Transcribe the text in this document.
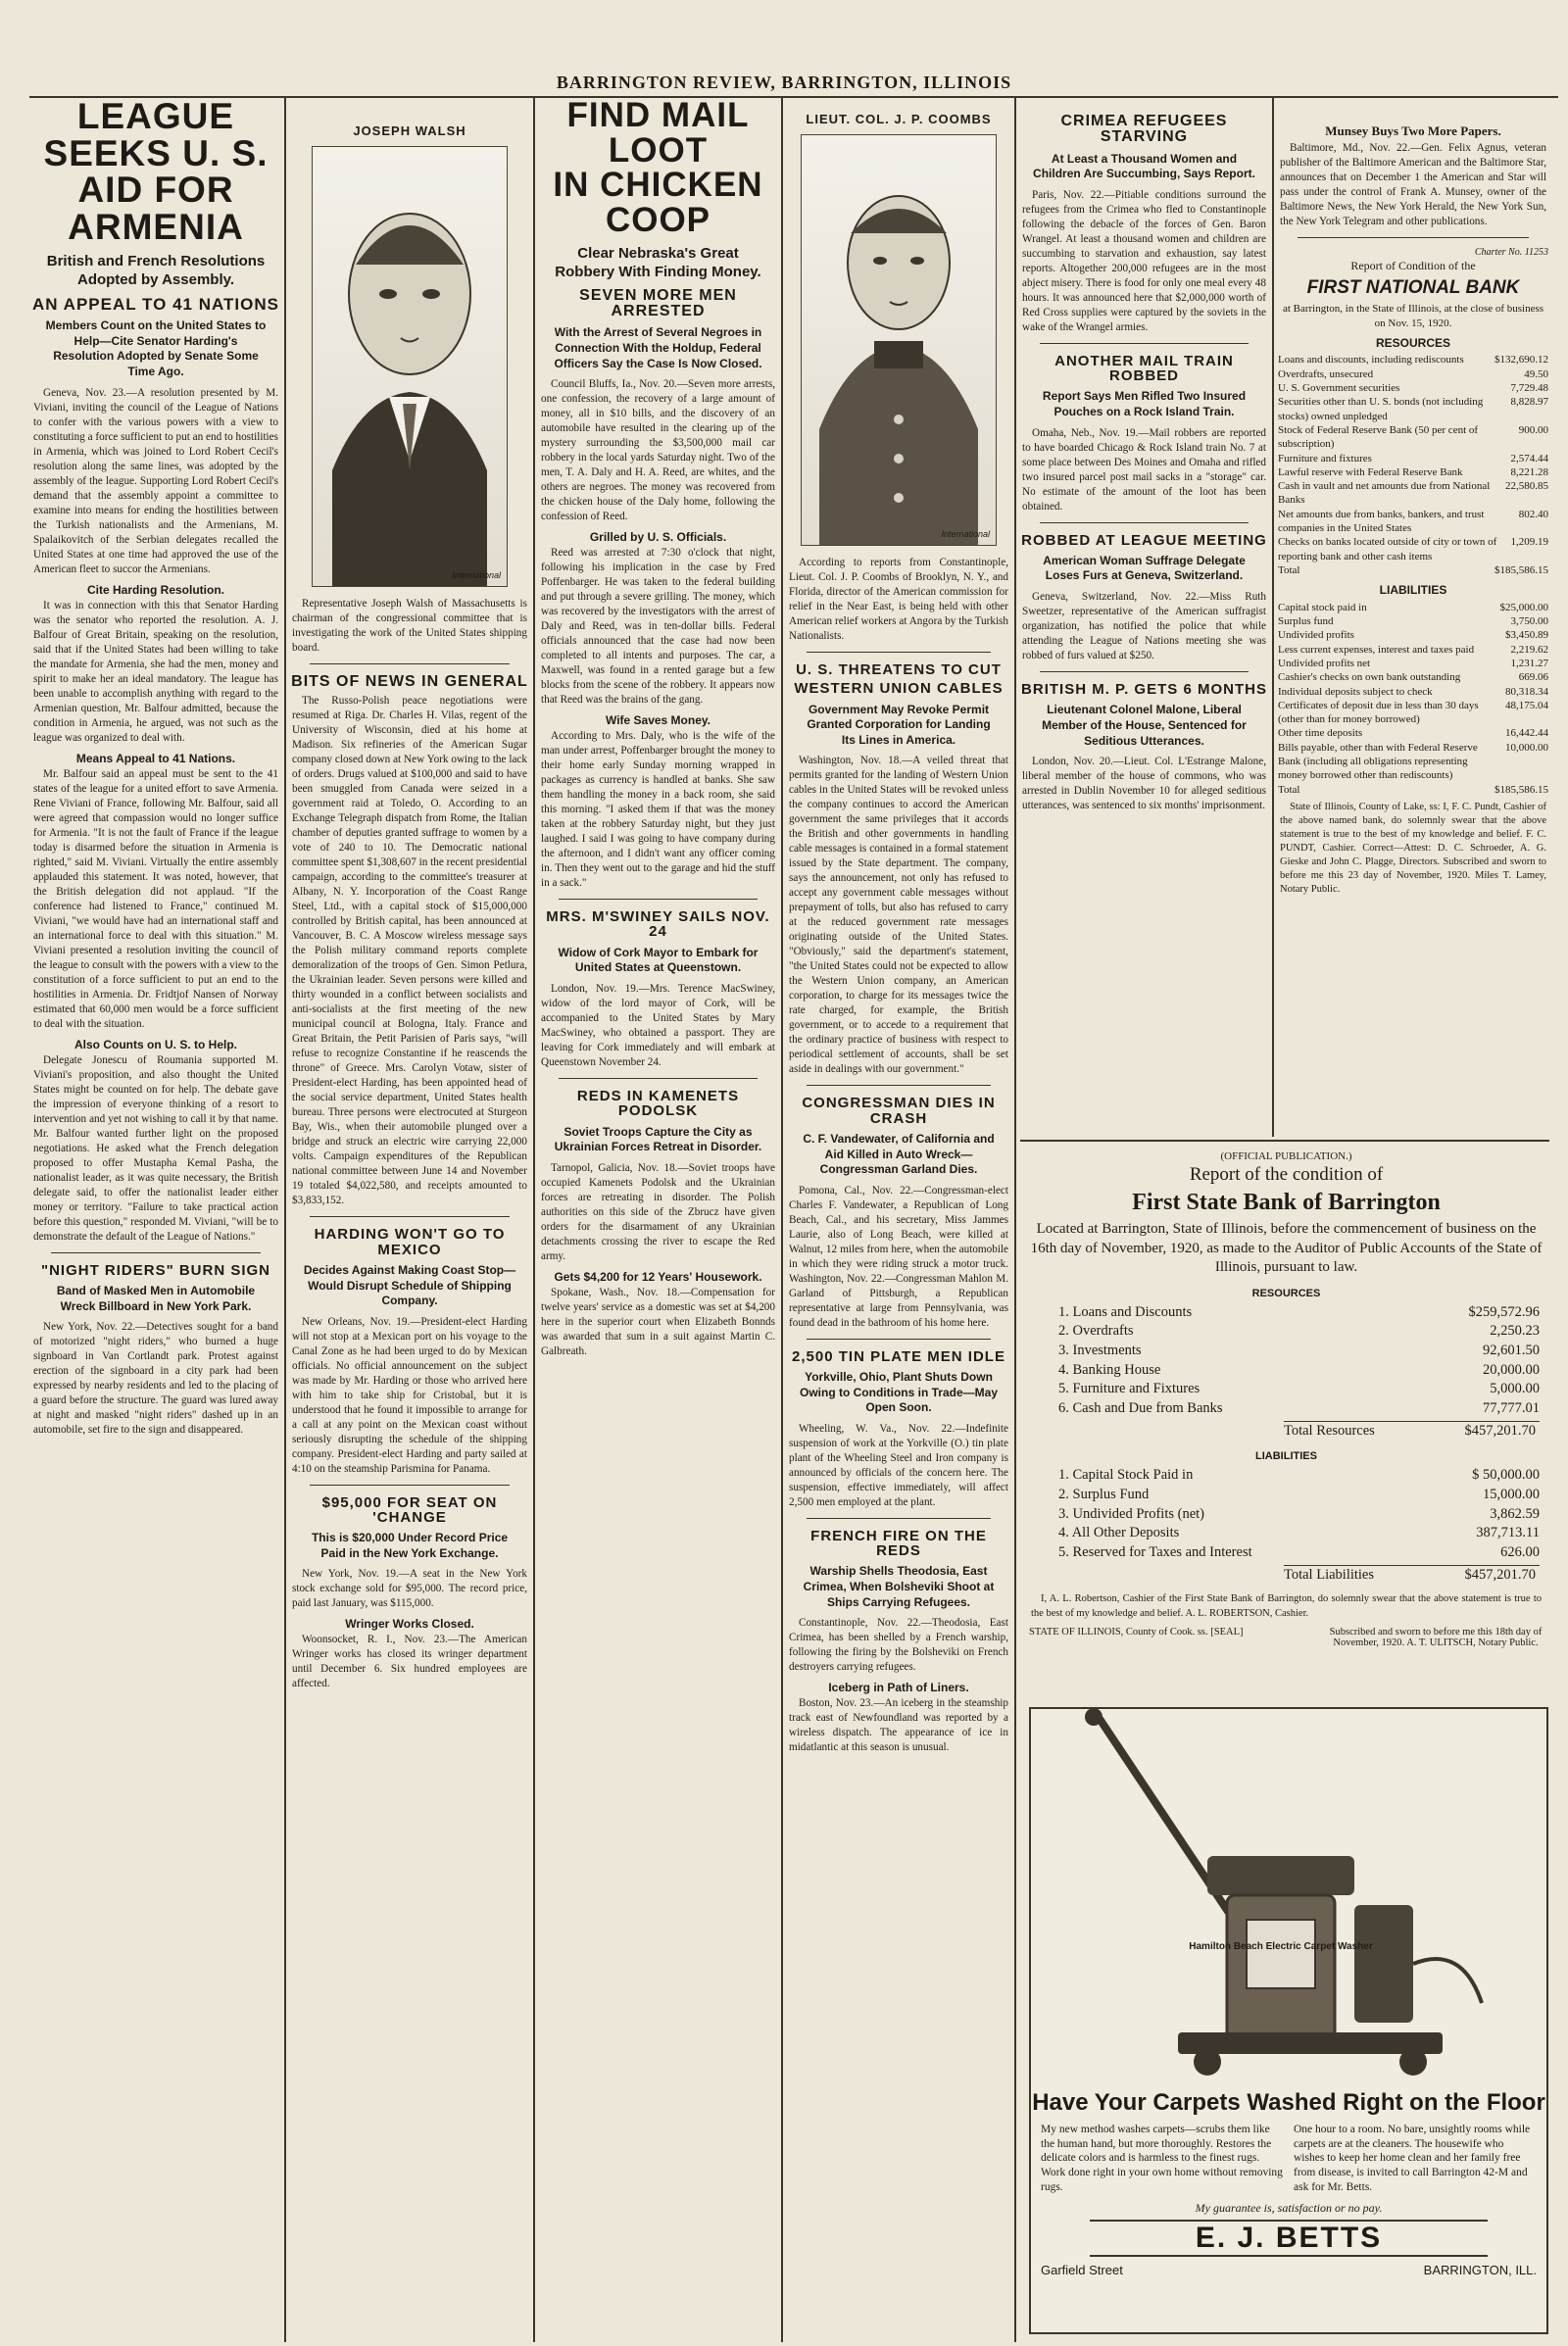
BARRINGTON REVIEW, BARRINGTON, ILLINOIS
LEAGUE SEEKS U. S.
AID FOR ARMENIA
British and French Resolutions Adopted by Assembly.
AN APPEAL TO 41 NATIONS
Members Count on the United States to Help—Cite Senator Harding's Resolution Adopted by Senate Some Time Ago.
Geneva, Nov. 23.—A resolution presented by M. Viviani, inviting the council of the League of Nations to confer with the various powers with a view to constituting a force sufficient to put an end to hostilities in Armenia, which was joined to Lord Robert Cecil's resolution along the same lines, was adopted by the assembly of the league. Supporting Lord Robert Cecil's demand that the assembly appoint a committee to examine into means for ending the hostilities between the Turkish nationalists and the Armenians, M. Spalaikovitch of the Serbian delegates recalled the United States at one time had approved the use of the American fleet to succor the Armenians.
Cite Harding Resolution.
It was in connection with this that Senator Harding was the senator who reported the resolution. A. J. Balfour of Great Britain, speaking on the resolution, said that if the United States had been willing to take the mandate for Armenia, she had the men, money and spirit to make her an ideal mandatory. The league has been unable to accomplish anything with regard to the Armenian question, Mr. Balfour admitted, because the condition in Armenia, he argued, was not such as the league was organized to deal with.
Means Appeal to 41 Nations.
Mr. Balfour said an appeal must be sent to the 41 states of the league for a united effort to save Armenia. Rene Viviani of France, following Mr. Balfour, said all were agreed that compassion would no longer suffice for Armenia. "It is not the fault of France if the league today is disarmed before the situation in Armenia is righted," said M. Viviani. Virtually the entire assembly applauded this statement. It was noted, however, that the British delegation did not applaud. "If the conference had listened to France," continued M. Viviani, "we would have had an international staff and an international force to deal with this situation." M. Viviani presented a resolution inviting the council of the league to consult with the powers with a view to the constitution of a force sufficient to put an end to the hostilities in Armenia. Dr. Fridtjof Nansen of Norway estimated that 60,000 men would be a force sufficient to deal with the situation.
Also Counts on U. S. to Help.
Delegate Jonescu of Roumania supported M. Viviani's proposition, and also thought the United States might be counted on for help. The debate gave the impression of everyone thinking of a resort to intervention and yet not wishing to call it by that name. Mr. Balfour wanted further light on the proposed negotiations. He asked what the French delegation proposed to offer Mustapha Kemal Pasha, the nationalist leader, as it was quite necessary, the British delegate said, to offer the nationalist leader either money or territory. "Failure to take practical action before this question," responded M. Viviani, "will be to demonstrate the default of the League of Nations."
"NIGHT RIDERS" BURN SIGN
Band of Masked Men in Automobile Wreck Billboard in New York Park.
New York, Nov. 22.—Detectives sought for a band of motorized "night riders," who burned a huge signboard in Van Cortlandt park. Protest against erection of the signboard in a city park had been expressed by nearby residents and led to the placing of a guard before the structure. The guard was lured away at night and masked "night riders" dashed up in an automobile, set fire to the sign and disappeared.
JOSEPH WALSH
International
Representative Joseph Walsh of Massachusetts is chairman of the congressional committee that is investigating the work of the United States shipping board.
BITS OF NEWS IN GENERAL
The Russo-Polish peace negotiations were resumed at Riga. Dr. Charles H. Vilas, regent of the University of Wisconsin, died at his home at Madison. Six refineries of the American Sugar company closed down at New York owing to the lack of orders. Drugs valued at $100,000 and said to have been smuggled from Canada were seized in a government raid at Toledo, O. According to an Exchange Telegraph dispatch from Rome, the Italian chamber of deputies granted suffrage to women by a vote of 240 to 10. The Democratic national committee spent $1,308,607 in the recent presidential campaign, according to the committee's treasurer at Albany, N. Y. Incorporation of the Coast Range Steel, Ltd., with a capital stock of $15,000,000 controlled by British capital, has been announced at Vancouver, B. C. A Moscow wireless message says the Polish military command reports complete demoralization of the troops of Gen. Simon Petlura, the Ukrainian leader. Seven persons were killed and thirty wounded in a conflict between socialists and anti-socialists at the first meeting of the new municipal council at Bologna, Italy. France and Great Britain, the Petit Parisien of Paris says, "will refuse to recognize Constantine if he reascends the throne" of Greece. Mrs. Carolyn Votaw, sister of President-elect Harding, has been appointed head of the social service department, United States health bureau. Three persons were electrocuted at Sturgeon Bay, Wis., when their automobile plunged over a bridge and struck an electric wire carrying 22,000 volts. Campaign expenditures of the Republican national committee between June 14 and November 19 totaled $4,022,580, and receipts amounted to $3,833,152.
HARDING WON'T GO TO MEXICO
Decides Against Making Coast Stop—Would Disrupt Schedule of Shipping Company.
New Orleans, Nov. 19.—President-elect Harding will not stop at a Mexican port on his voyage to the Canal Zone as he had been urged to do by Mexican officials. No official announcement on the subject was made by Mr. Harding or those who arrived here with him to take ship for Cristobal, but it is understood that he found it impossible to arrange for a call at any point on the Mexican coast without seriously disrupting the schedule of the shipping company. President-elect Harding and party sailed at 4:10 on the steamship Parismina for Panama.
$95,000 FOR SEAT ON 'CHANGE
This is $20,000 Under Record Price Paid in the New York Exchange.
New York, Nov. 19.—A seat in the New York stock exchange sold for $95,000. The record price, paid last January, was $115,000.
Wringer Works Closed.
Woonsocket, R. I., Nov. 23.—The American Wringer works has closed its wringer department until December 6. Six hundred employees are affected.
FIND MAIL LOOT
IN CHICKEN COOP
Clear Nebraska's Great Robbery With Finding Money.
SEVEN MORE MEN ARRESTED
With the Arrest of Several Negroes in Connection With the Holdup, Federal Officers Say the Case Is Now Closed.
Council Bluffs, Ia., Nov. 20.—Seven more arrests, one confession, the recovery of a large amount of money, all in $10 bills, and the discovery of an automobile have resulted in the clearing up of the mystery surrounding the $3,500,000 mail car robbery in the local yards Saturday night. Two of the men, T. A. Daly and H. A. Reed, are whites, and the others are negroes. The money was recovered from the chicken house of the Daly home, following the confession of Reed.
Grilled by U. S. Officials.
Reed was arrested at 7:30 o'clock that night, following his implication in the case by Fred Poffenbarger. He was taken to the federal building and put through a severe grilling. The money, which was recovered by the investigators with the arrest of Daly and Reed, was in ten-dollar bills. Federal officials announced that the case had now been completed to all intents and purposes. The car, a Maxwell, was found in a rented garage but a few blocks from the scene of the robbery. It appears now that Reed was the brains of the gang.
Wife Saves Money.
According to Mrs. Daly, who is the wife of the man under arrest, Poffenbarger brought the money to their home early Sunday morning wrapped in packages as currency is handled at banks. She saw them handling the money in a back room, she said this morning. "I asked them if that was the money taken at the robbery Saturday night, but they just laughed. I said I was going to have company during the afternoon, and I didn't want any officer coming in. Then they went out to the garage and hid the stuff in a sack."
MRS. M'SWINEY SAILS NOV. 24
Widow of Cork Mayor to Embark for United States at Queenstown.
London, Nov. 19.—Mrs. Terence MacSwiney, widow of the lord mayor of Cork, will be accompanied to the United States by Mary MacSwiney, who obtained a passport. They are leaving for Cork immediately and will embark at Queenstown November 24.
REDS IN KAMENETS PODOLSK
Soviet Troops Capture the City as Ukrainian Forces Retreat in Disorder.
Tarnopol, Galicia, Nov. 18.—Soviet troops have occupied Kamenets Podolsk and the Ukrainian forces are retreating in disorder. The Polish authorities on this side of the Zbrucz have given orders for the disarmament of any Ukrainian detachments crossing the river to escape the Red army.
Gets $4,200 for 12 Years' Housework.
Spokane, Wash., Nov. 18.—Compensation for twelve years' service as a domestic was set at $4,200 here in the superior court when Elizabeth Bonnds was awarded that sum in a suit against Martin C. Galbreath.
LIEUT. COL. J. P. COOMBS
International
According to reports from Constantinople, Lieut. Col. J. P. Coombs of Brooklyn, N. Y., and Florida, director of the American commission for relief in the Near East, is being held with other American relief workers at Angora by the Turkish Nationalists.
U. S. THREATENS TO CUT
WESTERN UNION CABLES
Government May Revoke Permit Granted Corporation for Landing Its Lines in America.
Washington, Nov. 18.—A veiled threat that permits granted for the landing of Western Union cables in the United States will be revoked unless the company continues to accord the American government the same privileges that it accords the British and other governments in handling cable messages is contained in a formal statement issued by the State department. The company, says the announcement, not only has refused to accept any government cable messages without prepayment of tolls, but also has refused to carry at the reduced government rate messages originating outside of the United States. "Obviously," said the department's statement, "the United States could not be expected to allow the Western Union company, an American corporation, to charge for its messages twice the rate charged, for example, the British government, or to accede to a requirement that the ordinary practice of business with respect to periodical settlement of accounts, shall be set aside in dealings with our government."
CONGRESSMAN DIES IN CRASH
C. F. Vandewater, of California and Aid Killed in Auto Wreck—Congressman Garland Dies.
Pomona, Cal., Nov. 22.—Congressman-elect Charles F. Vandewater, a Republican of Long Beach, Cal., and his secretary, Miss Jammes Laurie, also of Long Beach, were killed at Walnut, 12 miles from here, when the automobile in which they were riding struck a motor truck. Washington, Nov. 22.—Congressman Mahlon M. Garland of Pittsburgh, a Republican representative at large from Pennsylvania, was found dead in the bathroom of his home here.
2,500 TIN PLATE MEN IDLE
Yorkville, Ohio, Plant Shuts Down Owing to Conditions in Trade—May Open Soon.
Wheeling, W. Va., Nov. 22.—Indefinite suspension of work at the Yorkville (O.) tin plate plant of the Wheeling Steel and Iron company is announced by officials of the concern here. The suspension, effective immediately, will affect 2,500 men employed at the plant.
FRENCH FIRE ON THE REDS
Warship Shells Theodosia, East Crimea, When Bolsheviki Shoot at Ships Carrying Refugees.
Constantinople, Nov. 22.—Theodosia, East Crimea, has been shelled by a French warship, following the firing by the Bolsheviki on French destroyers carrying refugees.
Iceberg in Path of Liners.
Boston, Nov. 23.—An iceberg in the steamship track east of Newfoundland was reported by a wireless dispatch. The appearance of ice in midatlantic at this season is unusual.
CRIMEA REFUGEES STARVING
At Least a Thousand Women and Children Are Succumbing, Says Report.
Paris, Nov. 22.—Pitiable conditions surround the refugees from the Crimea who fled to Constantinople following the debacle of the forces of Gen. Baron Wrangel. At least a thousand women and children are succumbing to starvation and exhaustion, say latest reports. Altogether 200,000 refugees are in the most abject misery. There is food for only one meal every 48 hours. It was announced here that $2,000,000 worth of Red Cross supplies were captured by the soviets in the wake of the Wrangel armies.
ANOTHER MAIL TRAIN ROBBED
Report Says Men Rifled Two Insured Pouches on a Rock Island Train.
Omaha, Neb., Nov. 19.—Mail robbers are reported to have boarded Chicago & Rock Island train No. 7 at some place between Des Moines and Omaha and rifled two insured parcel post mail sacks in a "storage" car. No estimate of the amount of the loot has been obtained.
ROBBED AT LEAGUE MEETING
American Woman Suffrage Delegate Loses Furs at Geneva, Switzerland.
Geneva, Switzerland, Nov. 22.—Miss Ruth Sweetzer, representative of the American suffragist organization, has notified the police that while attending the League of Nations meeting she was robbed of furs valued at $250.
BRITISH M. P. GETS 6 MONTHS
Lieutenant Colonel Malone, Liberal Member of the House, Sentenced for Seditious Utterances.
London, Nov. 20.—Lieut. Col. L'Estrange Malone, liberal member of the house of commons, who was arrested in Dublin November 10 for alleged seditious utterances, was sentenced to six months' imprisonment.
Munsey Buys Two More Papers.
Baltimore, Md., Nov. 22.—Gen. Felix Agnus, veteran publisher of the Baltimore American and the Baltimore Star, announces that on December 1 the American and Star will pass under the control of Frank A. Munsey, owner of the Baltimore News, the New York Herald, the New York Sun, the New York Telegram and other publications.
Charter No. 11253
Report of Condition of the
FIRST NATIONAL BANK
at Barrington, in the State of Illinois, at the close of business on Nov. 15, 1920.
RESOURCES
Loans and discounts, including rediscounts	$132,690.12
Overdrafts, unsecured	49.50
U. S. Government securities	7,729.48
Securities other than U. S. bonds (not including stocks) owned unpledged
8,828.97
Stock of Federal Reserve Bank (50 per cent of subscription)
900.00
Furniture and fixtures	2,574.44
Lawful reserve with Federal Reserve Bank	8,221.28
Cash in vault and net amounts due from National Banks
22,580.85
Net amounts due from banks, bankers, and trust companies in the United States
802.40
Checks on banks located outside of city or town of reporting bank and other cash items
1,209.19
Total	$185,586.15
LIABILITIES
Capital stock paid in	$25,000.00
Surplus fund	3,750.00
Undivided profits	$3,450.89
Less current expenses, interest and taxes paid	2,219.62
Undivided profits net	1,231.27
Cashier's checks on own bank outstanding	669.06
Individual deposits subject to check	80,318.34
Certificates of deposit due in less than 30 days (other than for money borrowed)
48,175.04
Other time deposits	16,442.44
Bills payable, other than with Federal Reserve Bank (including all obligations representing money borrowed other than rediscounts)
10,000.00
Total	$185,586.15
State of Illinois, County of Lake, ss: I, F. C. Pundt, Cashier of the above named bank, do solemnly swear that the above statement is true to the best of my knowledge and belief. F. C. PUNDT, Cashier. Correct—Attest: D. C. Schroeder, A. G. Gieske and John C. Plagge, Directors. Subscribed and sworn to before me this 23 day of November, 1920. Miles T. Lamey, Notary Public.
(OFFICIAL PUBLICATION.)
Report of the condition of
First State Bank of Barrington
Located at Barrington, State of Illinois, before the commencement of business on the 16th day of November, 1920, as made to the Auditor of Public Accounts of the State of Illinois, pursuant to law.
RESOURCES
1. Loans and Discounts	$259,572.96
2. Overdrafts	2,250.23
3. Investments	92,601.50
4. Banking House	20,000.00
5. Furniture and Fixtures	5,000.00
6. Cash and Due from Banks	77,777.01
Total Resources	$457,201.70
LIABILITIES
1. Capital Stock Paid in	$ 50,000.00
2. Surplus Fund	15,000.00
3. Undivided Profits (net)	3,862.59
4. All Other Deposits	387,713.11
5. Reserved for Taxes and Interest	626.00
Total Liabilities	$457,201.70
I, A. L. Robertson, Cashier of the First State Bank of Barrington, do solemnly swear that the above statement is true to the best of my knowledge and belief. A. L. ROBERTSON, Cashier.
STATE OF ILLINOIS, County of Cook. ss. [SEAL]	Subscribed and sworn to before me this 18th day of November, 1920. A. T. ULITSCH, Notary Public.
Hamilton Beach Electric Carpet Washer
Have Your Carpets Washed Right on the Floor
My new method washes carpets—scrubs them like the human hand, but more thoroughly. Restores the delicate colors and is harmless to the finest rugs. Work done right in your own home without removing rugs.
One hour to a room. No bare, unsightly rooms while carpets are at the cleaners. The housewife who wishes to keep her home clean and her family free from disease, is invited to call Barrington 42-M and ask for Mr. Betts.
My guarantee is, satisfaction or no pay.
E. J. BETTS
Garfield Street	BARRINGTON, ILL.
